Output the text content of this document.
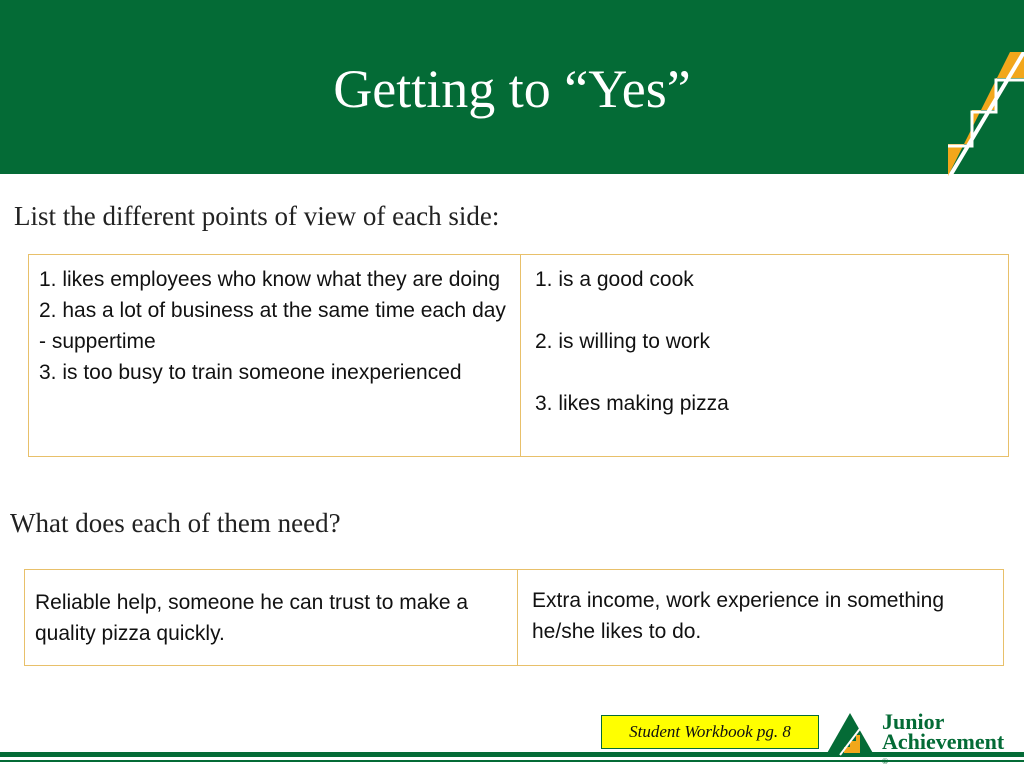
Getting to “Yes”
List the different points of view of each side:
1. likes employees who know what they are doing
2. has a lot of business at the same time each day - suppertime
3. is too busy to train someone inexperienced
1. is a good cook
2. is willing to work
3. likes making pizza
What does each of them need?
Reliable help, someone he can trust to make a quality pizza quickly.
Extra income, work experience in something he/she likes to do.
Student Workbook pg. 8	Junior
Achievement
®
